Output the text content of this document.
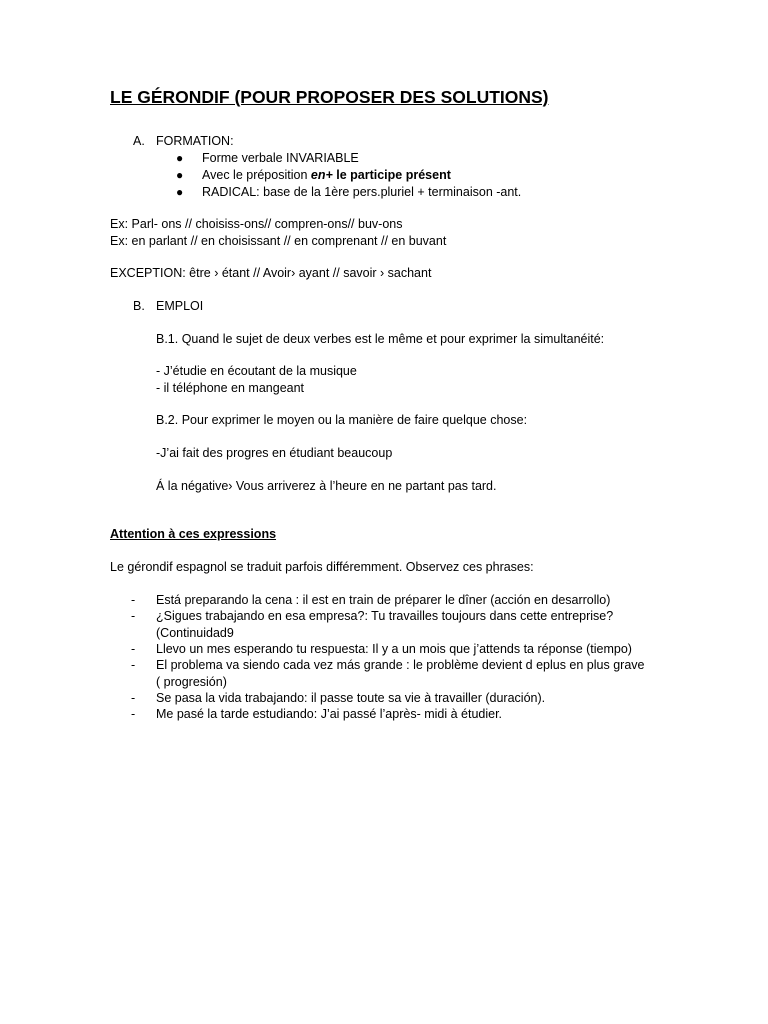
LE GÉRONDIF (POUR PROPOSER DES SOLUTIONS)
A. FORMATION:
● Forme verbale INVARIABLE
● Avec le préposition en+ le participe présent
● RADICAL: base de la 1ère pers.pluriel + terminaison -ant.
Ex: Parl- ons // choisiss-ons// compren-ons// buv-ons
Ex: en parlant // en choisissant // en comprenant // en buvant
EXCEPTION: être › étant // Avoir› ayant // savoir › sachant
B. EMPLOI
B.1. Quand le sujet de deux verbes est le même et pour exprimer la simultanéité:
- J’étudie en écoutant de la musique
- il téléphone en mangeant
B.2. Pour exprimer le moyen ou la manière de faire quelque chose:
-J’ai fait des progres en étudiant beaucoup
Á la négative› Vous arriverez à l’heure en ne partant pas tard.
Attention à ces expressions
Le gérondif espagnol se traduit parfois différemment. Observez ces phrases:
- Está preparando la cena : il est en train de préparer le dîner (acción en desarrollo)
- ¿Sigues trabajando en esa empresa?: Tu travailles toujours dans cette entreprise?
(Continuidad9
- Llevo un mes esperando tu respuesta: Il y a un mois que j’attends ta réponse (tiempo)
- El problema va siendo cada vez más grande : le problème devient d eplus en plus grave
( progresión)
- Se pasa la vida trabajando: il passe toute sa vie à travailler (duración).
- Me pasé la tarde estudiando: J’ai passé l’après- midi à étudier.
